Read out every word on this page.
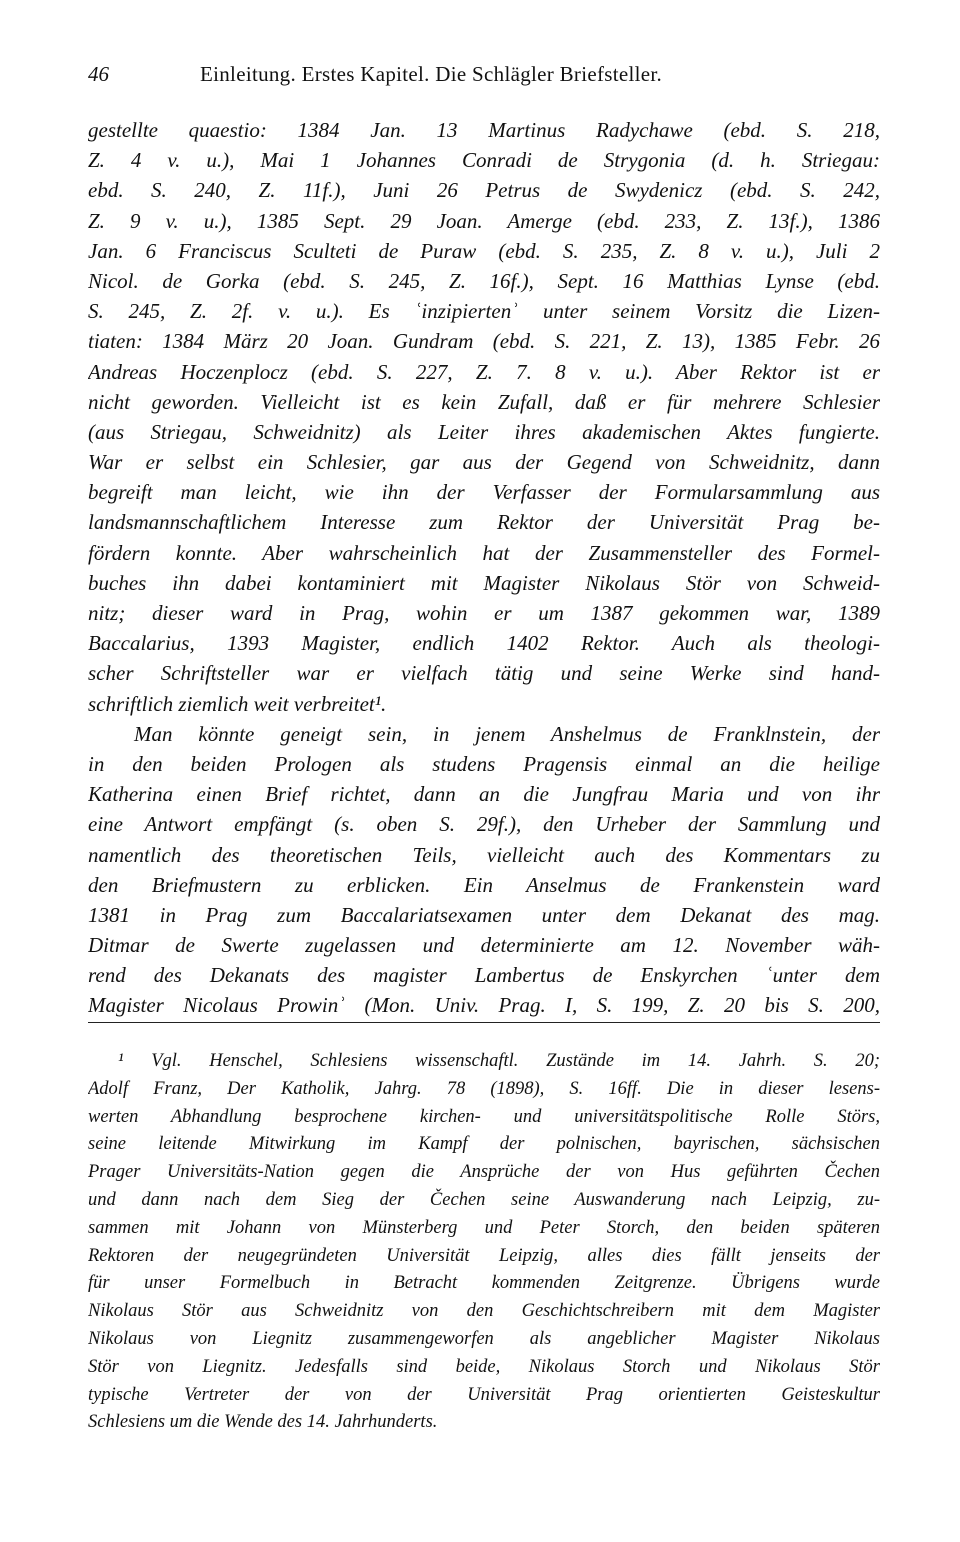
46	Einleitung. Erstes Kapitel. Die Schlägler Briefsteller.
gestellte quaestio: 1384 Jan. 13 Martinus Radychawe (ebd. S. 218,
Z. 4 v. u.), Mai 1 Johannes Conradi de Strygonia (d. h. Striegau:
ebd. S. 240, Z. 11f.), Juni 26 Petrus de Swydenicz (ebd. S. 242,
Z. 9 v. u.), 1385 Sept. 29 Joan. Amerge (ebd. 233, Z. 13f.), 1386
Jan. 6 Franciscus Sculteti de Puraw (ebd. S. 235, Z. 8 v. u.), Juli 2
Nicol. de Gorka (ebd. S. 245, Z. 16f.), Sept. 16 Matthias Lynse (ebd.
S. 245, Z. 2f. v. u.). Es ʿinzipiertenʾ unter seinem Vorsitz die Lizen-
tiaten: 1384 März 20 Joan. Gundram (ebd. S. 221, Z. 13), 1385 Febr. 26
Andreas Hoczenplocz (ebd. S. 227, Z. 7. 8 v. u.). Aber Rektor ist er
nicht geworden. Vielleicht ist es kein Zufall, daß er für mehrere Schlesier
(aus Striegau, Schweidnitz) als Leiter ihres akademischen Aktes fungierte.
War er selbst ein Schlesier, gar aus der Gegend von Schweidnitz, dann
begreift man leicht, wie ihn der Verfasser der Formularsammlung aus
landsmannschaftlichem Interesse zum Rektor der Universität Prag be-
fördern konnte. Aber wahrscheinlich hat der Zusammensteller des Formel-
buches ihn dabei kontaminiert mit Magister Nikolaus Stör von Schweid-
nitz; dieser ward in Prag, wohin er um 1387 gekommen war, 1389
Baccalarius, 1393 Magister, endlich 1402 Rektor. Auch als theologi-
scher Schriftsteller war er vielfach tätig und seine Werke sind hand-
schriftlich ziemlich weit verbreitet¹.
Man könnte geneigt sein, in jenem Anshelmus de Franklnstein, der
in den beiden Prologen als studens Pragensis einmal an die heilige
Katherina einen Brief richtet, dann an die Jungfrau Maria und von ihr
eine Antwort empfängt (s. oben S. 29f.), den Urheber der Sammlung und
namentlich des theoretischen Teils, vielleicht auch des Kommentars zu
den Briefmustern zu erblicken. Ein Anselmus de Frankenstein ward
1381 in Prag zum Baccalariatsexamen unter dem Dekanat des mag.
Ditmar de Swerte zugelassen und determinierte am 12. November wäh-
rend des Dekanats des magister Lambertus de Enskyrchen ʿunter dem
Magister Nicolaus Prowinʾ (Mon. Univ. Prag. I, S. 199, Z. 20 bis S. 200,
¹ Vgl. Henschel, Schlesiens wissenschaftl. Zustände im 14. Jahrh. S. 20;
Adolf Franz, Der Katholik, Jahrg. 78 (1898), S. 16ff. Die in dieser lesens-
werten Abhandlung besprochene kirchen- und universitätspolitische Rolle Störs,
seine leitende Mitwirkung im Kampf der polnischen, bayrischen, sächsischen
Prager Universitäts-Nation gegen die Ansprüche der von Hus geführten Čechen
und dann nach dem Sieg der Čechen seine Auswanderung nach Leipzig, zu-
sammen mit Johann von Münsterberg und Peter Storch, den beiden späteren
Rektoren der neugegründeten Universität Leipzig, alles dies fällt jenseits der
für unser Formelbuch in Betracht kommenden Zeitgrenze. Übrigens wurde
Nikolaus Stör aus Schweidnitz von den Geschichtschreibern mit dem Magister
Nikolaus von Liegnitz zusammengeworfen als angeblicher Magister Nikolaus
Stör von Liegnitz. Jedesfalls sind beide, Nikolaus Storch und Nikolaus Stör
typische Vertreter der von der Universität Prag orientierten Geisteskultur
Schlesiens um die Wende des 14. Jahrhunderts.
